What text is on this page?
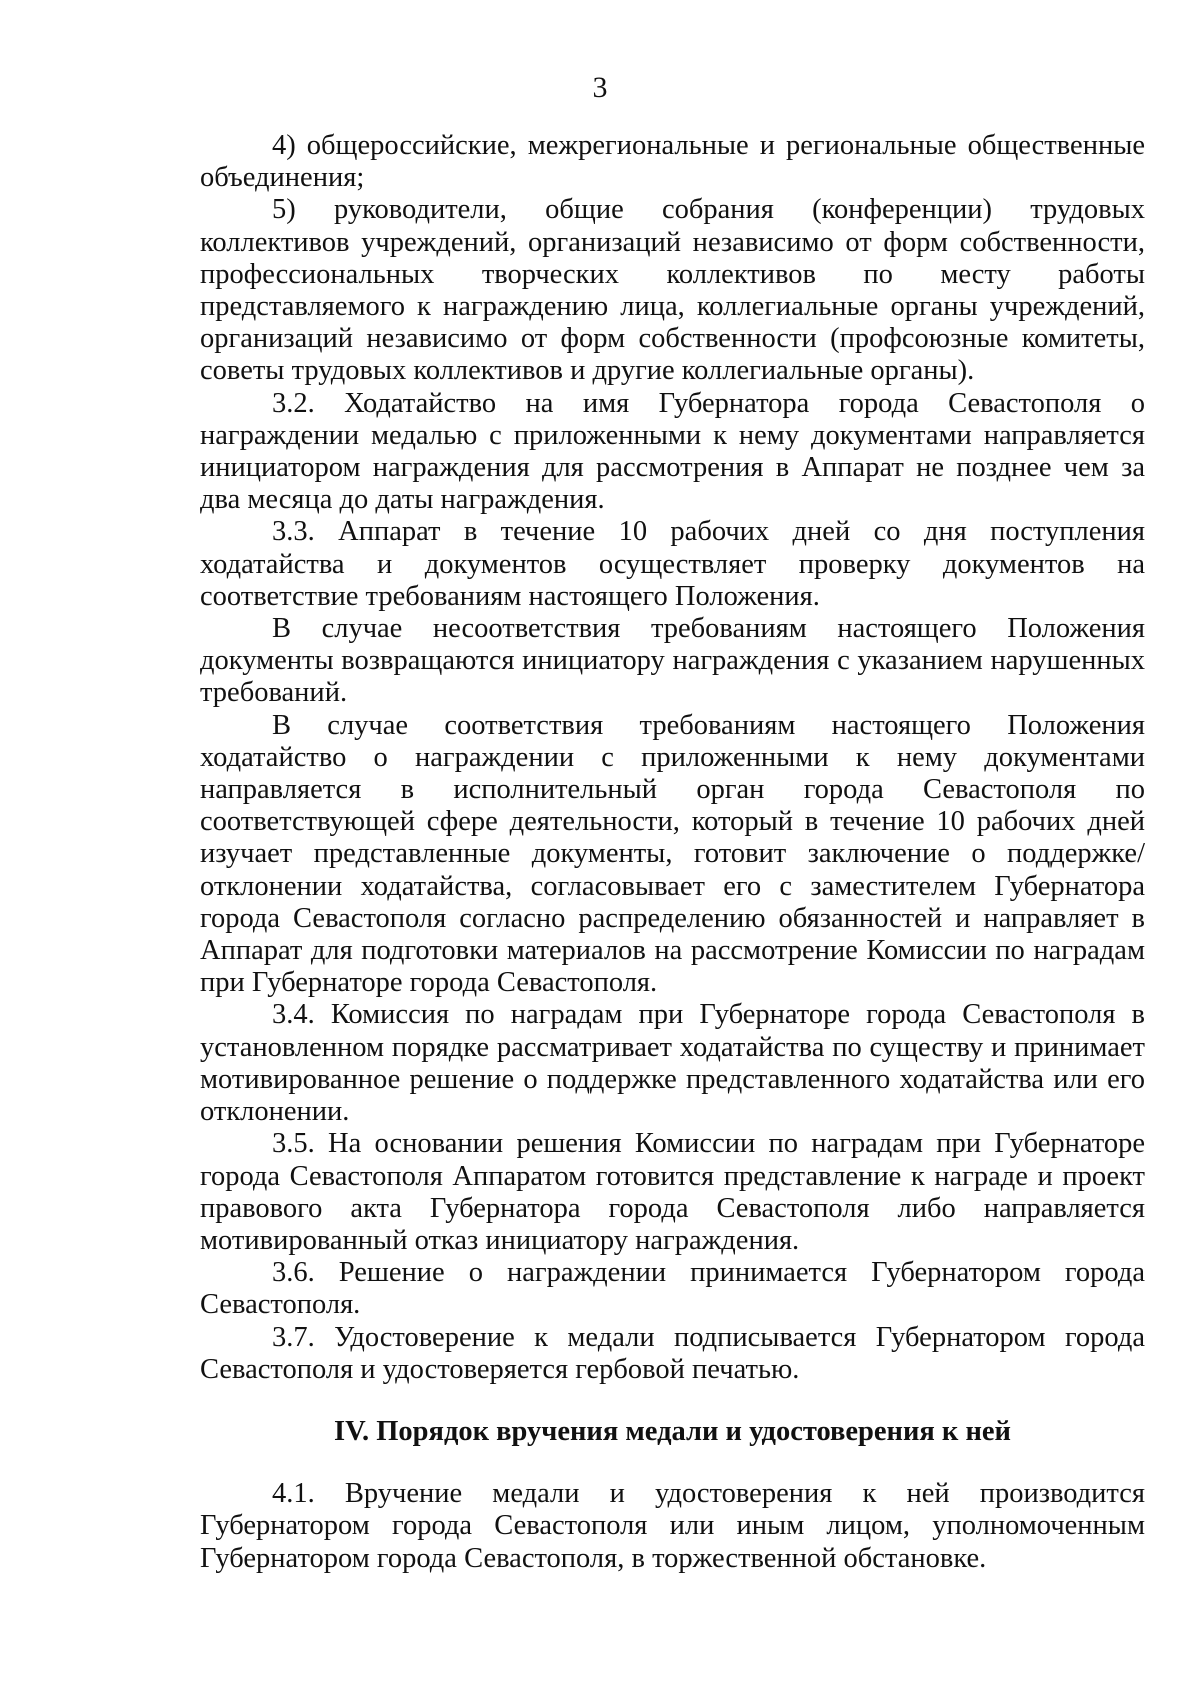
3

4) общероссийские, межрегиональные и региональные общественные объединения;

5) руководители, общие собрания (конференции) трудовых коллективов учреждений, организаций независимо от форм собственности, профессиональных творческих коллективов по месту работы представляемого к награждению лица, коллегиальные органы учреждений, организаций независимо от форм собственности (профсоюзные комитеты, советы трудовых коллективов и другие коллегиальные органы).

3.2. Ходатайство на имя Губернатора города Севастополя о награждении медалью с приложенными к нему документами направляется инициатором награждения для рассмотрения в Аппарат не позднее чем за два месяца до даты награждения.

3.3. Аппарат в течение 10 рабочих дней со дня поступления ходатайства и документов осуществляет проверку документов на соответствие требованиям настоящего Положения.

В случае несоответствия требованиям настоящего Положения документы возвращаются инициатору награждения с указанием нарушенных требований.

В случае соответствия требованиям настоящего Положения ходатайство о награждении с приложенными к нему документами направляется в исполнительный орган города Севастополя по соответствующей сфере деятельности, который в течение 10 рабочих дней изучает представленные документы, готовит заключение о поддержке/отклонении ходатайства, согласовывает его с заместителем Губернатора города Севастополя согласно распределению обязанностей и направляет в Аппарат для подготовки материалов на рассмотрение Комиссии по наградам при Губернаторе города Севастополя.

3.4. Комиссия по наградам при Губернаторе города Севастополя в установленном порядке рассматривает ходатайства по существу и принимает мотивированное решение о поддержке представленного ходатайства или его отклонении.

3.5. На основании решения Комиссии по наградам при Губернаторе города Севастополя Аппаратом готовится представление к награде и проект правового акта Губернатора города Севастополя либо направляется мотивированный отказ инициатору награждения.

3.6. Решение о награждении принимается Губернатором города Севастополя.

3.7. Удостоверение к медали подписывается Губернатором города Севастополя и удостоверяется гербовой печатью.

IV. Порядок вручения медали и удостоверения к ней

4.1. Вручение медали и удостоверения к ней производится Губернатором города Севастополя или иным лицом, уполномоченным Губернатором города Севастополя, в торжественной обстановке.
